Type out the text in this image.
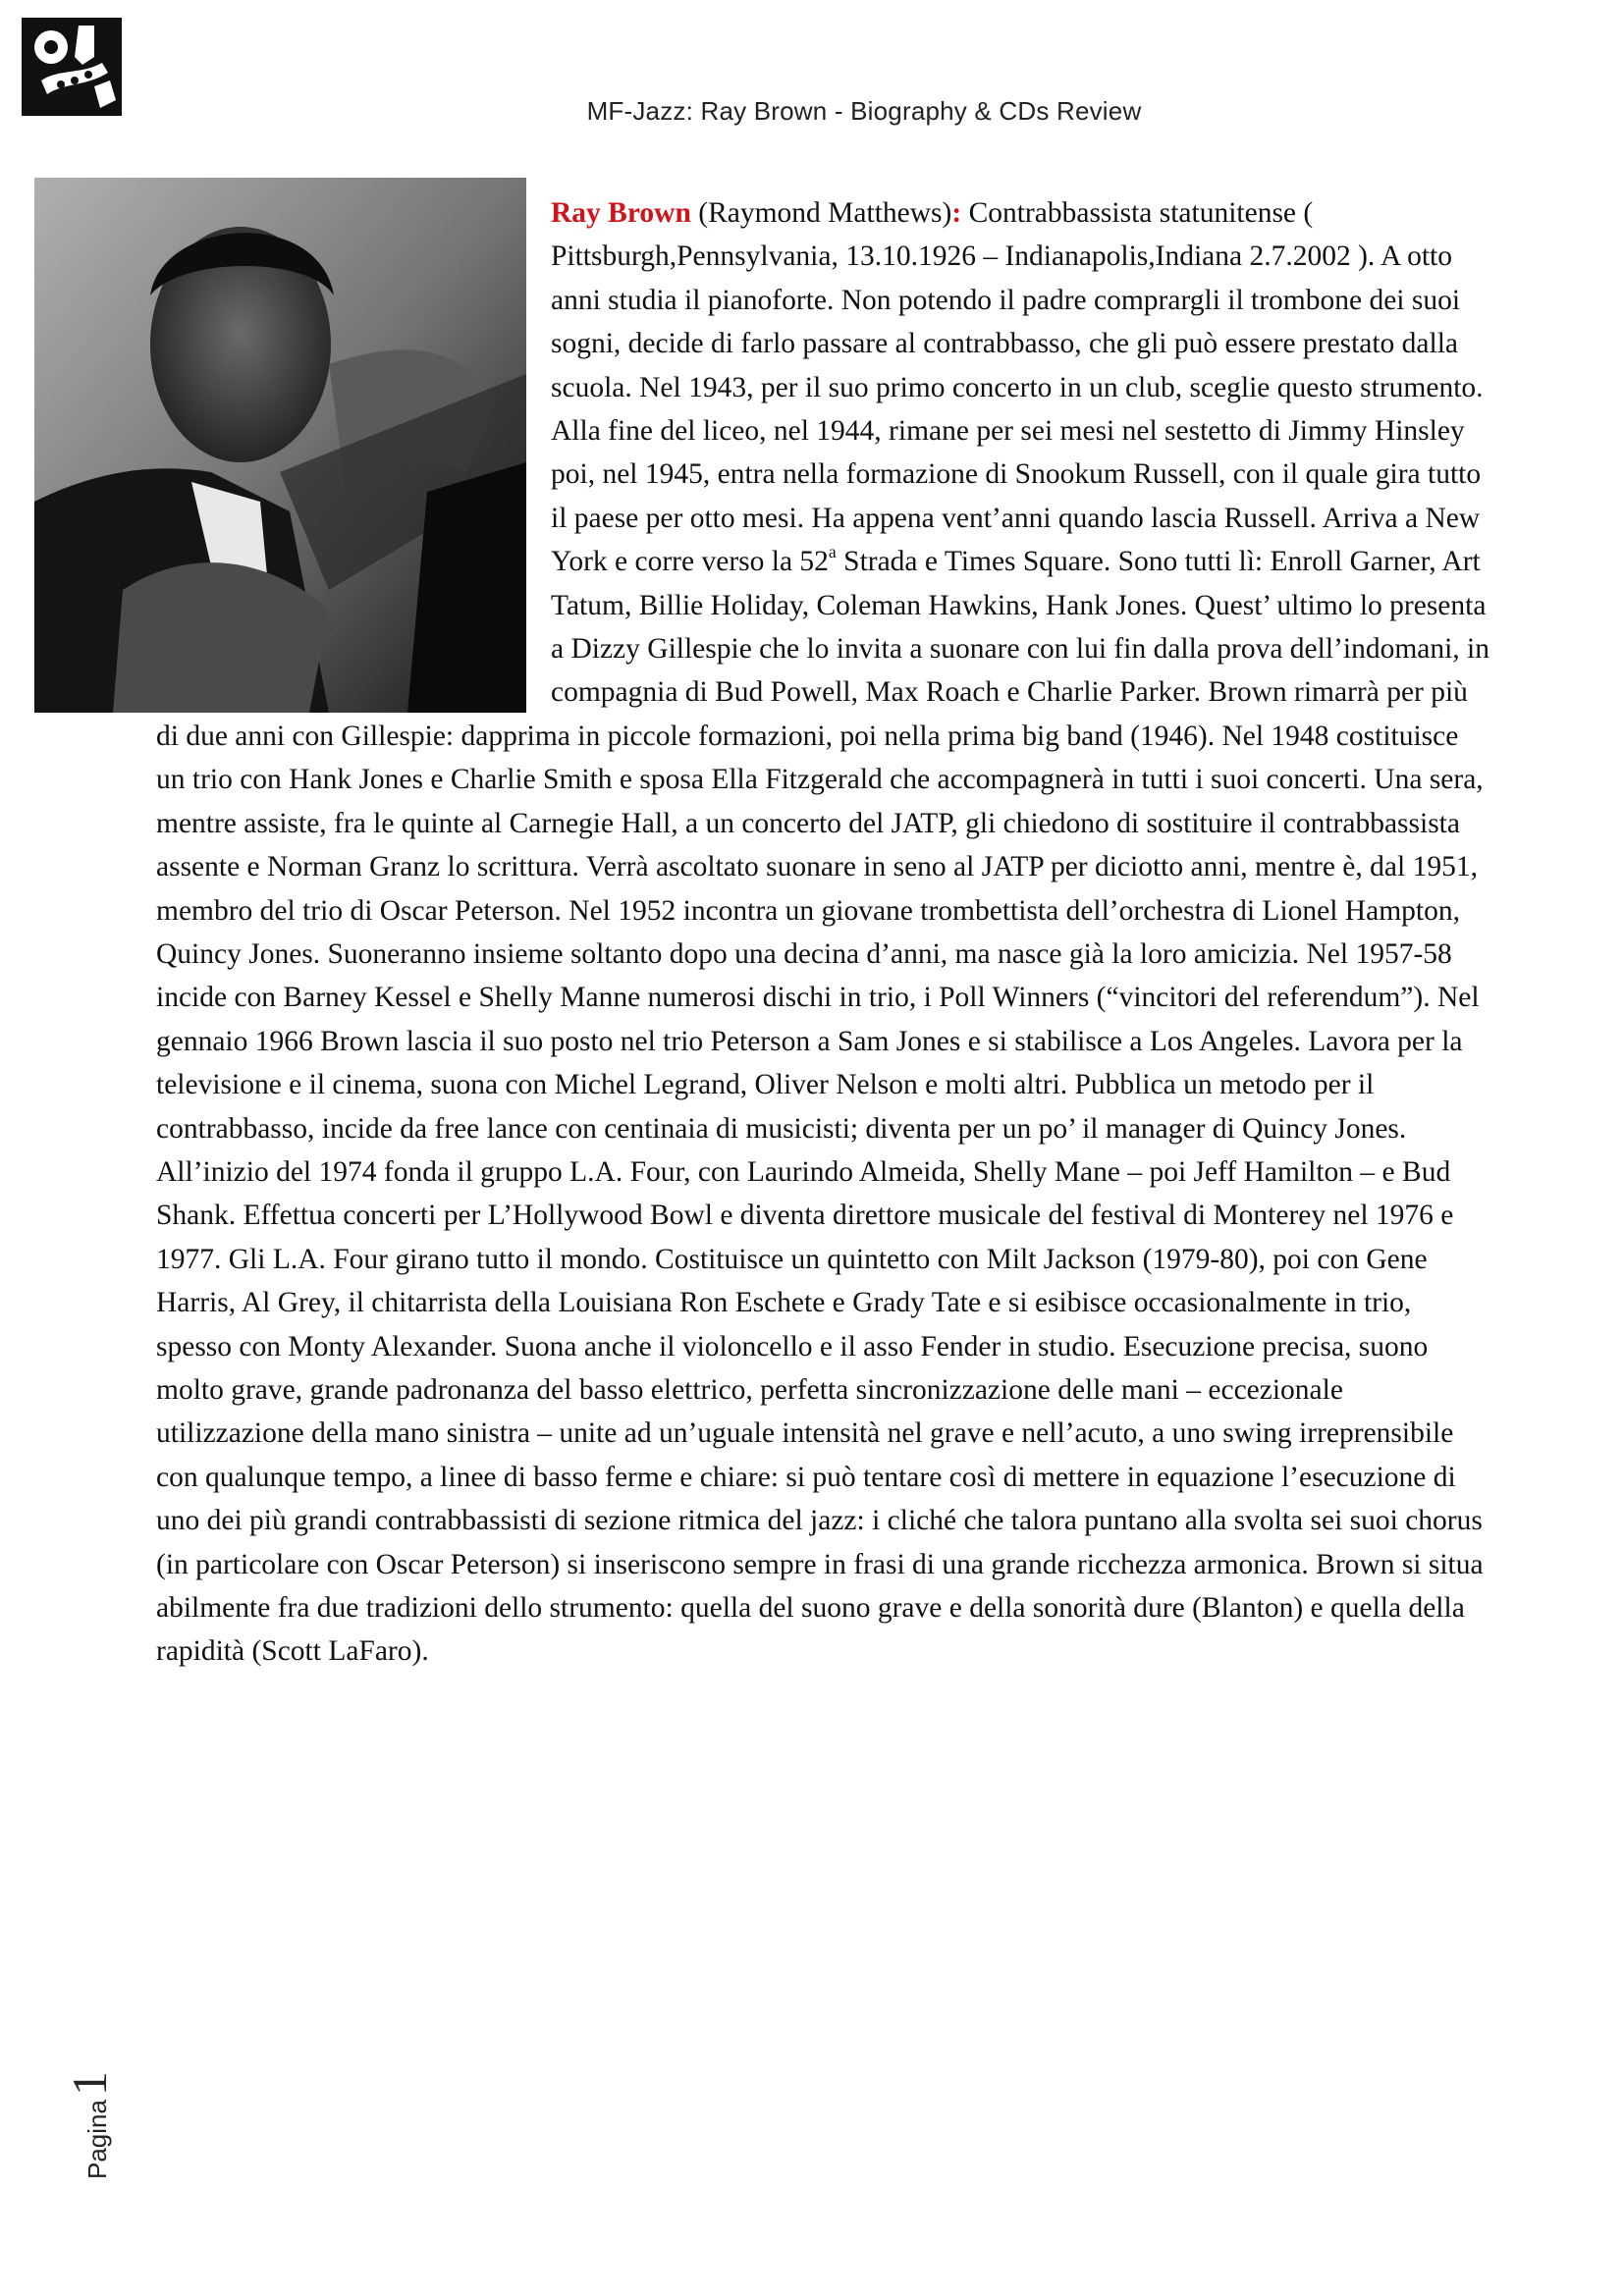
MF-Jazz: Ray Brown - Biography & CDs Review

Ray Brown (Raymond Matthews): Contrabbassista statunitense ( Pittsburgh,Pennsylvania, 13.10.1926 – Indianapolis,Indiana 2.7.2002 ). A otto anni studia il pianoforte. Non potendo il padre comprargli il trombone dei suoi sogni, decide di farlo passare al contrabbasso, che gli può essere prestato dalla scuola. Nel 1943, per il suo primo concerto in un club, sceglie questo strumento. Alla fine del liceo, nel 1944, rimane per sei mesi nel sestetto di Jimmy Hinsley poi, nel 1945, entra nella formazione di Snookum Russell, con il quale gira tutto il paese per otto mesi. Ha appena vent’anni quando lascia Russell. Arriva a New York e corre verso la 52$^a$ Strada e Times Square. Sono tutti lì: Enroll Garner, Art Tatum, Billie Holiday, Coleman Hawkins, Hank Jones. Quest’ ultimo lo presenta a Dizzy Gillespie che lo invita a suonare con lui fin dalla prova dell’indomani, in compagnia di Bud Powell, Max Roach e Charlie Parker. Brown rimarrà per più di due anni con Gillespie: dapprima in piccole formazioni, poi nella prima big band (1946). Nel 1948 costituisce un trio con Hank Jones e Charlie Smith e sposa Ella Fitzgerald che accompagnerà in tutti i suoi concerti. Una sera, mentre assiste, fra le quinte al Carnegie Hall, a un concerto del JATP, gli chiedono di sostituire il contrabbassista assente e Norman Granz lo scrittura. Verrà ascoltato suonare in seno al JATP per diciotto anni, mentre è, dal 1951, membro del trio di Oscar Peterson. Nel 1952 incontra un giovane trombettista dell’orchestra di Lionel Hampton, Quincy Jones. Suoneranno insieme soltanto dopo una decina d’anni, ma nasce già la loro amicizia. Nel 1957-58 incide con Barney Kessel e Shelly Manne numerosi dischi in trio, i Poll Winners (“vincitori del referendum”). Nel gennaio 1966 Brown lascia il suo posto nel trio Peterson a Sam Jones e si stabilisce a Los Angeles. Lavora per la televisione e il cinema, suona con Michel Legrand, Oliver Nelson e molti altri. Pubblica un metodo per il contrabbasso, incide da free lance con centinaia di musicisti; diventa per un po’ il manager di Quincy Jones. All’inizio del 1974 fonda il gruppo L.A. Four, con Laurindo Almeida, Shelly Mane – poi Jeff Hamilton – e Bud Shank. Effettua concerti per L’Hollywood Bowl e diventa direttore musicale del festival di Monterey nel 1976 e 1977. Gli L.A. Four girano tutto il mondo. Costituisce un quintetto con Milt Jackson (1979-80), poi con Gene Harris, Al Grey, il chitarrista della Louisiana Ron Eschete e Grady Tate e si esibisce occasionalmente in trio, spesso con Monty Alexander. Suona anche il violoncello e il asso Fender in studio. Esecuzione precisa, suono molto grave, grande padronanza del basso elettrico, perfetta sincronizzazione delle mani – eccezionale utilizzazione della mano sinistra – unite ad un’uguale intensità nel grave e nell’acuto, a uno swing irreprensibile con qualunque tempo, a linee di basso ferme e chiare: si può tentare così di mettere in equazione l’esecuzione di uno dei più grandi contrabbassisti di sezione ritmica del jazz: i cliché che talora puntano alla svolta sei suoi chorus (in particolare con Oscar Peterson) si inseriscono sempre in frasi di una grande ricchezza armonica. Brown si situa abilmente fra due tradizioni dello strumento: quella del suono grave e della sonorità dure (Blanton) e quella della rapidità (Scott LaFaro).

Pagina1
